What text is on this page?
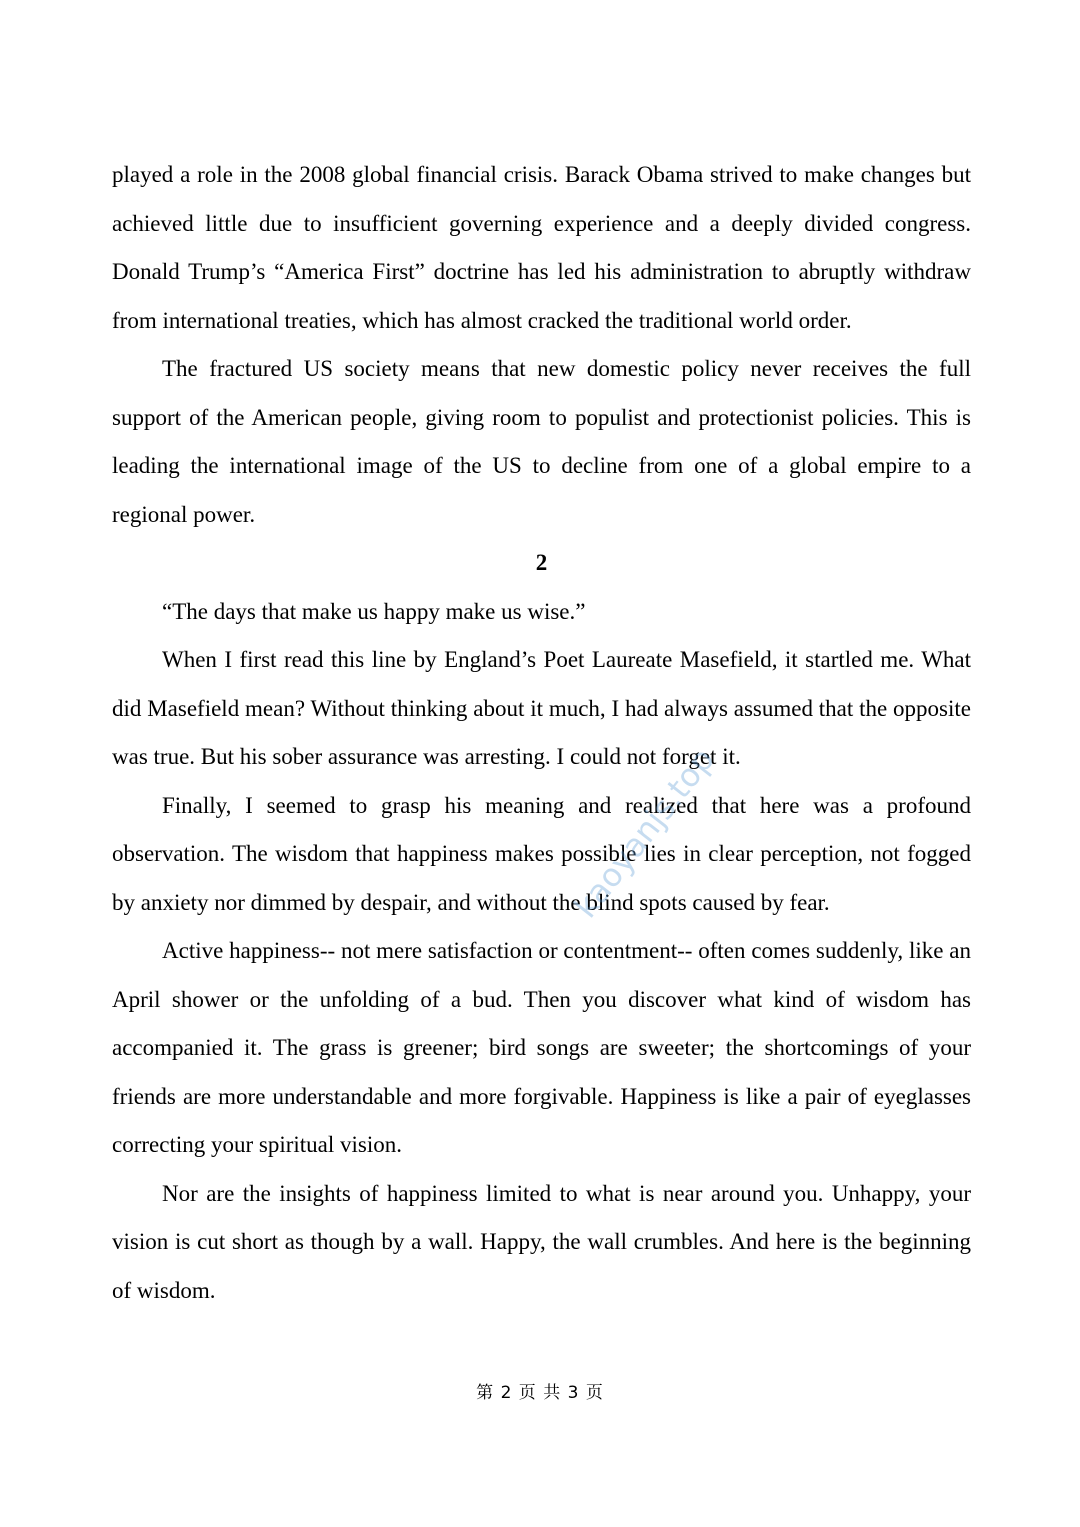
played a role in the 2008 global financial crisis. Barack Obama strived to make changes but achieved little due to insufficient governing experience and a deeply divided congress. Donald Trump’s “America First” doctrine has led his administration to abruptly withdraw from international treaties, which has almost cracked the traditional world order.

The fractured US society means that new domestic policy never receives the full support of the American people, giving room to populist and protectionist policies. This is leading the international image of the US to decline from one of a global empire to a regional power.

2

“The days that make us happy make us wise.”

When I first read this line by England’s Poet Laureate Masefield, it startled me. What did Masefield mean? Without thinking about it much, I had always assumed that the opposite was true. But his sober assurance was arresting. I could not forget it.

Finally, I seemed to grasp his meaning and realized that here was a profound observation. The wisdom that happiness makes possible lies in clear perception, not fogged by anxiety nor dimmed by despair, and without the blind spots caused by fear.

Active happiness-- not mere satisfaction or contentment-- often comes suddenly, like an April shower or the unfolding of a bud. Then you discover what kind of wisdom has accompanied it. The grass is greener; bird songs are sweeter; the shortcomings of your friends are more understandable and more forgivable. Happiness is like a pair of eyeglasses correcting your spiritual vision.

Nor are the insights of happiness limited to what is near around you. Unhappy, your vision is cut short as though by a wall. Happy, the wall crumbles. And here is the beginning of wisdom.

第 2 页 共 3 页
kaoyanjs.top
